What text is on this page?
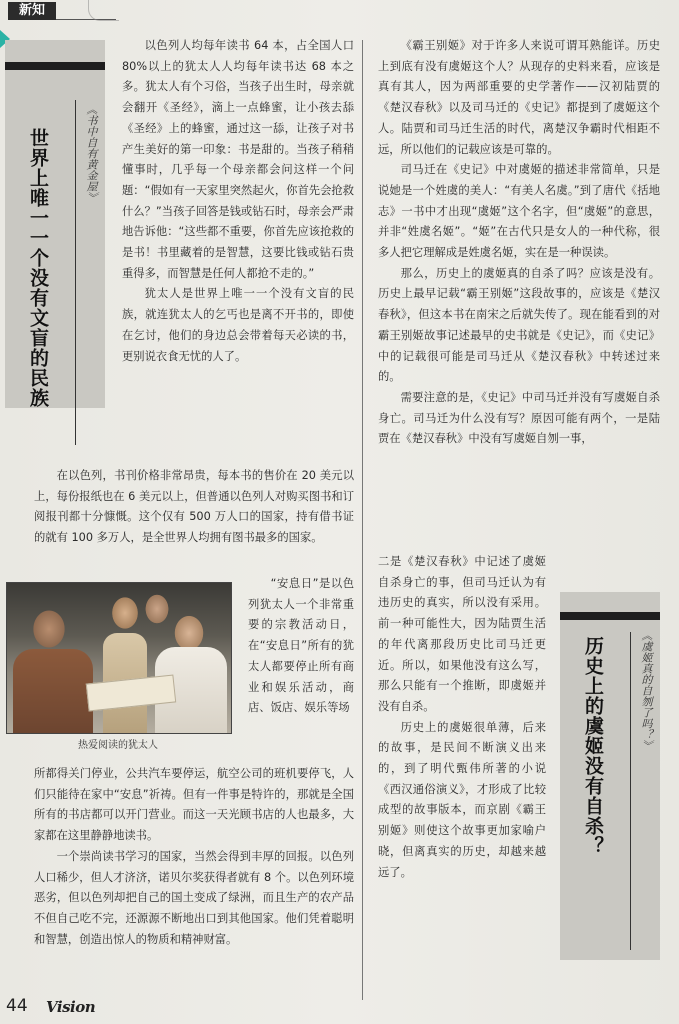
新知
世界上唯一一个没有文盲的民族	《书中自有黄金屋》

以色列人均每年读书 64 本，占全国人口 80%以上的犹太人人均每年读书达 68 本之多。犹太人有个习俗，当孩子出生时，母亲就会翻开《圣经》，滴上一点蜂蜜，让小孩去舔《圣经》上的蜂蜜，通过这一舔，让孩子对书产生美好的第一印象：书是甜的。当孩子稍稍懂事时，几乎每一个母亲都会问这样一个问题：“假如有一天家里突然起火，你首先会抢救什么？”当孩子回答是钱或钻石时，母亲会严肃地告诉他：“这些都不重要，你首先应该抢救的是书！书里藏着的是智慧，这要比钱或钻石贵重得多，而智慧是任何人都抢不走的。”

犹太人是世界上唯一一个没有文盲的民族，就连犹太人的乞丐也是离不开书的，即使在乞讨，他们的身边总会带着每天必读的书，更别说衣食无忧的人了。

在以色列，书刊价格非常昂贵，每本书的售价在 20 美元以上，每份报纸也在 6 美元以上，但普通以色列人对购买图书和订阅报刊都十分慷慨。这个仅有 500 万人口的国家，持有借书证的就有 100 多万人，是全世界人均拥有图书最多的国家。

热爱阅读的犹太人

“安息日”是以色列犹太人一个非常重要的宗教活动日，在“安息日”所有的犹太人都要停止所有商业和娱乐活动，商店、饭店、娱乐等场

所都得关门停业，公共汽车要停运，航空公司的班机要停飞，人们只能待在家中“安息”祈祷。但有一件事是特许的，那就是全国所有的书店都可以开门营业。而这一天光顾书店的人也最多，大家都在这里静静地读书。

一个崇尚读书学习的国家，当然会得到丰厚的回报。以色列人口稀少，但人才济济，诺贝尔奖获得者就有 8 个。以色列环境恶劣，但以色列却把自己的国土变成了绿洲，而且生产的农产品不但自己吃不完，还源源不断地出口到其他国家。他们凭着聪明和智慧，创造出惊人的物质和精神财富。

《霸王别姬》对于许多人来说可谓耳熟能详。历史上到底有没有虞姬这个人？从现存的史料来看，应该是真有其人，因为两部重要的史学著作——汉初陆贾的《楚汉春秋》以及司马迁的《史记》都提到了虞姬这个人。陆贾和司马迁生活的时代，离楚汉争霸时代相距不远，所以他们的记载应该是可靠的。

司马迁在《史记》中对虞姬的描述非常简单，只是说她是一个姓虞的美人：“有美人名虞。”到了唐代《括地志》一书中才出现“虞姬”这个名字，但“虞姬”的意思，并非“姓虞名姬”。“姬”在古代只是女人的一种代称，很多人把它理解成是姓虞名姬，实在是一种误读。

那么，历史上的虞姬真的自杀了吗？应该是没有。历史上最早记载“霸王别姬”这段故事的，应该是《楚汉春秋》，但这本书在南宋之后就失传了。现在能看到的对霸王别姬故事记述最早的史书就是《史记》，而《史记》中的记载很可能是司马迁从《楚汉春秋》中转述过来的。

需要注意的是，《史记》中司马迁并没有写虞姬自杀身亡。司马迁为什么没有写？原因可能有两个，一是陆贾在《楚汉春秋》中没有写虞姬自刎一事，

二是《楚汉春秋》中记述了虞姬自杀身亡的事，但司马迁认为有违历史的真实，所以没有采用。前一种可能性大，因为陆贾生活的年代离那段历史比司马迁更近。所以，如果他没有这么写，那么只能有一个推断，即虞姬并没有自杀。

历史上的虞姬很单薄，后来的故事，是民间不断演义出来的，到了明代甄伟所著的小说《西汉通俗演义》，才形成了比较成型的故事版本，而京剧《霸王别姬》则使这个故事更加家喻户晓，但离真实的历史，却越来越远了。

历史上的虞姬没有自杀？	《虞姬真的自刎了吗？》
44 Vision
